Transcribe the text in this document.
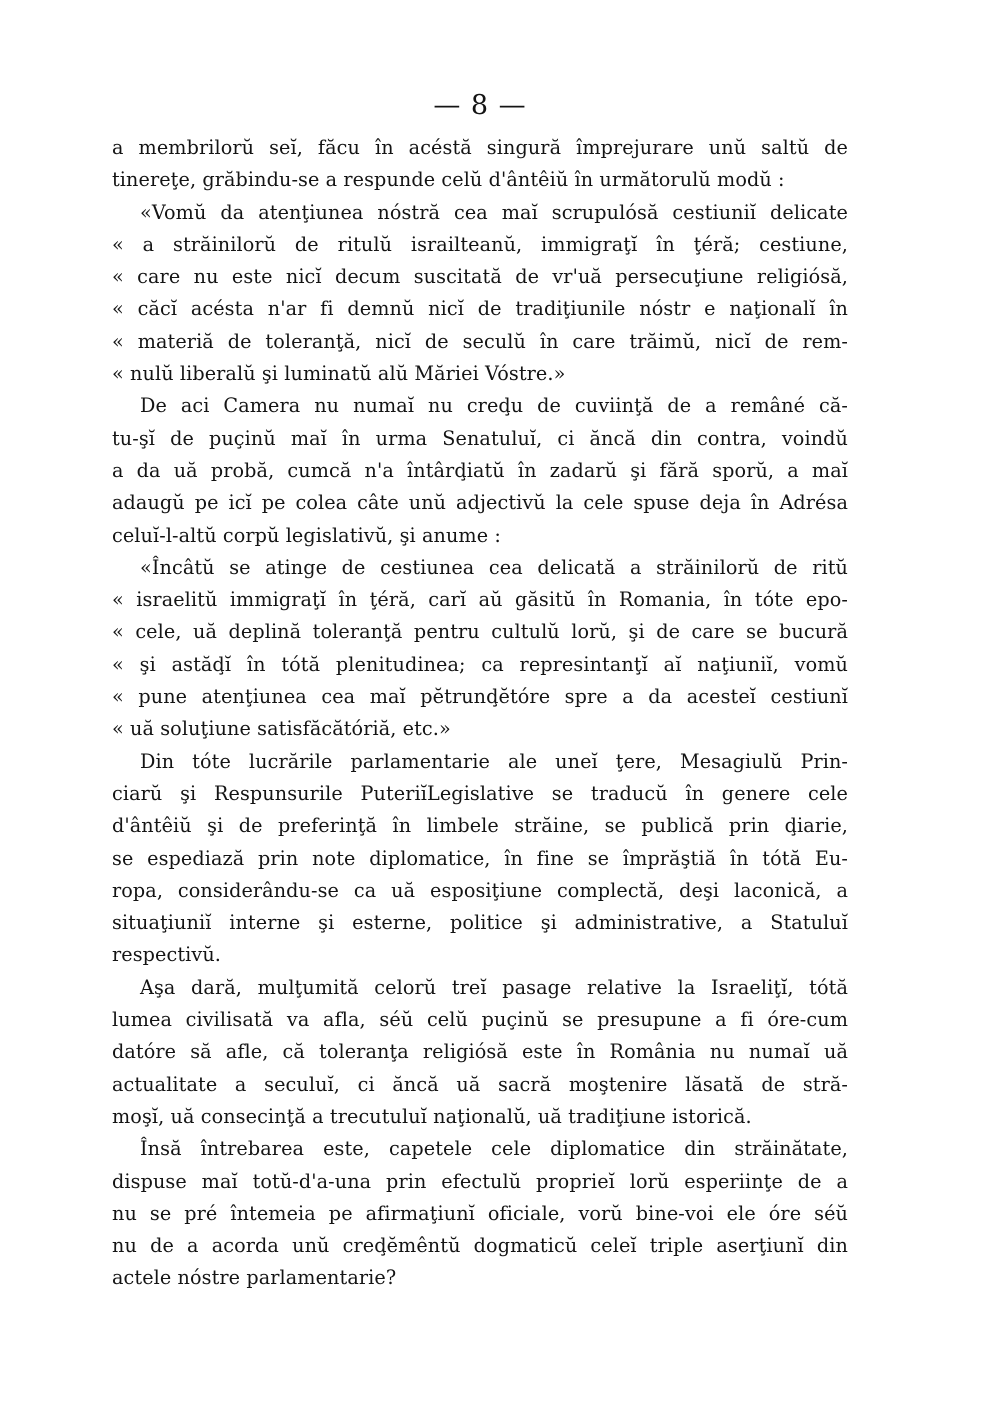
— 8 —
a membrilorŭ seĭ, făcu în acéstă singură împrejurare unŭ saltŭ de
tinereţe, grăbindu-se a respunde celŭ d'ântêiŭ în următorulŭ modŭ :
«Vomŭ da atenţiunea nóstră cea maĭ scrupulósă cestiuniĭ delicate
« a străinilorŭ de ritulŭ israilteanŭ, immigraţĭ în ţéră; cestiune,
« care nu este nicĭ decum suscitată de vr'uă persecuţiune religiósă,
« căcĭ acésta n'ar fi demnŭ nicĭ de tradiţiunile nóstr e naţionalĭ în
« materiă de toleranţă, nicĭ de seculŭ în care trăimŭ, nicĭ de rem-
« nulŭ liberalŭ şi luminatŭ alŭ Măriei Vóstre.»
De aci Camera nu numaĭ nu creḑu de cuviinţă de a remâné că-
tu-şĭ de puçinŭ maĭ în urma Senatuluĭ, ci ăncă din contra, voindŭ
a da uă probă, cumcă n'a întârḑiatŭ în zadarŭ şi fără sporŭ, a maĭ
adaugŭ pe icĭ pe colea câte unŭ adjectivŭ la cele spuse deja în Adrésa
celuĭ-l-altŭ corpŭ legislativŭ, şi anume :
«Încâtŭ se atinge de cestiunea cea delicată a străinilorŭ de ritŭ
« israelitŭ immigraţĭ în ţéră, carĭ aŭ găsitŭ în Romania, în tóte epo-
« cele, uă deplină toleranţă pentru cultulŭ lorŭ, şi de care se bucură
« şi astăḑĭ în tótă plenitudinea; ca represintanţĭ aĭ naţiuniĭ, vomŭ
« pune atenţiunea cea maĭ pĕtrunḑĕtóre spre a da acesteĭ cestiunĭ
« uă soluţiune satisfăcătóriă, etc.»
Din tóte lucrările parlamentarie ale uneĭ ţere, Mesagiulŭ Prin-
ciarŭ şi Respunsurile PuteriĭLegislative se traducŭ în genere cele
d'ântêiŭ şi de preferinţă în limbele străine, se publică prin ḑiarie,
se espediază prin note diplomatice, în fine se împrăştiă în tótă Eu-
ropa, considerându-se ca uă esposiţiune complectă, deşi laconică, a
situaţiuniĭ interne şi esterne, politice şi administrative, a Statuluĭ
respectivŭ.
Aşa dară, mulţumită celorŭ treĭ pasage relative la Israeliţĭ, tótă
lumea civilisată va afla, séŭ celŭ puçinŭ se presupune a fi óre-cum
datóre să afle, că toleranţa religiósă este în România nu numaĭ uă
actualitate a seculuĭ, ci ăncă uă sacră moştenire lăsată de stră-
moşĭ, uă consecinţă a trecutuluĭ naţionalŭ, uă tradiţiune istorică.
Însă întrebarea este, capetele cele diplomatice din străinătate,
dispuse maĭ totŭ-d'a-una prin efectulŭ proprieĭ lorŭ esperiinţe de a
nu se pré întemeia pe afirmaţiunĭ oficiale, vorŭ bine-voi ele óre séŭ
nu de a acorda unŭ creḑĕmêntŭ dogmaticŭ celeĭ triple aserţiunĭ din
actele nóstre parlamentarie?
